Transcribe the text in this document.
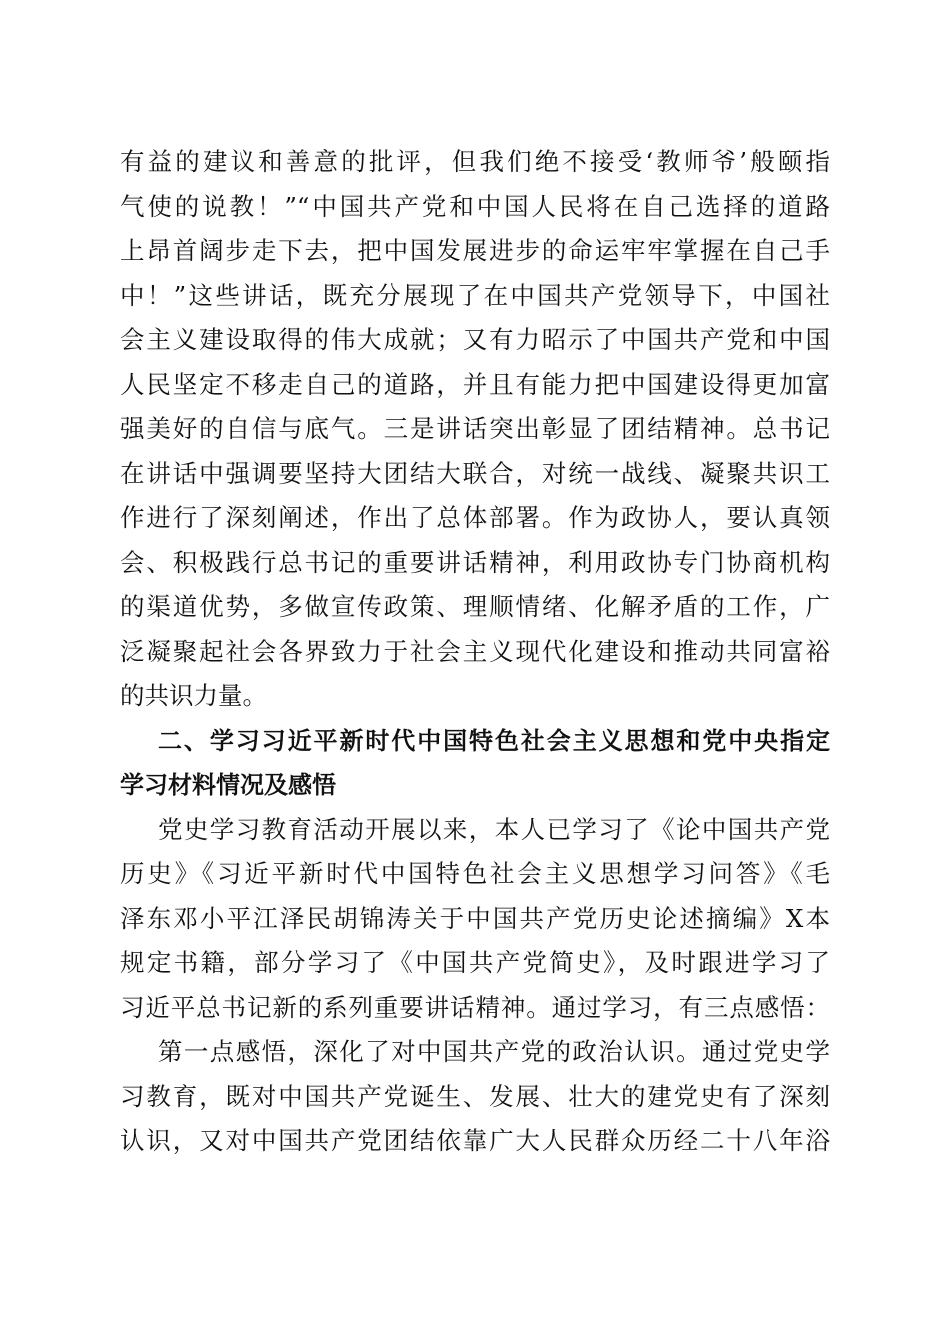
有益的建议和善意的批评，但我们绝不接受‘教师爷’般颐指
气使的说教！”“中国共产党和中国人民将在自己选择的道路
上昂首阔步走下去，把中国发展进步的命运牢牢掌握在自己手
中！”这些讲话，既充分展现了在中国共产党领导下，中国社
会主义建设取得的伟大成就；又有力昭示了中国共产党和中国
人民坚定不移走自己的道路，并且有能力把中国建设得更加富
强美好的自信与底气。三是讲话突出彰显了团结精神。总书记
在讲话中强调要坚持大团结大联合，对统一战线、凝聚共识工
作进行了深刻阐述，作出了总体部署。作为政协人，要认真领
会、积极践行总书记的重要讲话精神，利用政协专门协商机构
的渠道优势，多做宣传政策、理顺情绪、化解矛盾的工作，广
泛凝聚起社会各界致力于社会主义现代化建设和推动共同富裕
的共识力量。
二、学习习近平新时代中国特色社会主义思想和党中央指定
学习材料情况及感悟
党史学习教育活动开展以来，本人已学习了《论中国共产党
历史》《习近平新时代中国特色社会主义思想学习问答》《毛
泽东邓小平江泽民胡锦涛关于中国共产党历史论述摘编》X本
规定书籍，部分学习了《中国共产党简史》，及时跟进学习了
习近平总书记新的系列重要讲话精神。通过学习，有三点感悟：
第一点感悟，深化了对中国共产党的政治认识。通过党史学
习教育，既对中国共产党诞生、发展、壮大的建党史有了深刻
认识，又对中国共产党团结依靠广大人民群众历经二十八年浴
